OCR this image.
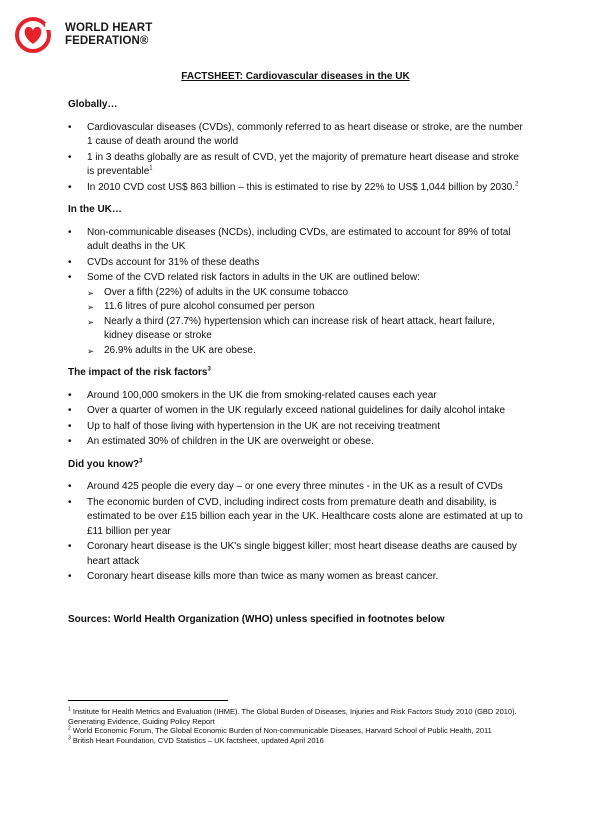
WORLD HEART
FEDERATION®
FACTSHEET: Cardiovascular diseases in the UK
Globally…
• Cardiovascular diseases (CVDs), commonly referred to as heart disease or stroke, are the number 1 cause of death around the world
• 1 in 3 deaths globally are as result of CVD, yet the majority of premature heart disease and stroke is preventable$^1$
• In 2010 CVD cost US$ 863 billion – this is estimated to rise by 22% to US$ 1,044 billion by 2030.$^2$
In the UK…
• Non-communicable diseases (NCDs), including CVDs, are estimated to account for 89% of total adult deaths in the UK
• CVDs account for 31% of these deaths
• Some of the CVD related risk factors in adults in the UK are outlined below:
➢ Over a fifth (22%) of adults in the UK consume tobacco
➢ 11.6 litres of pure alcohol consumed per person
➢ Nearly a third (27.7%) hypertension which can increase risk of heart attack, heart failure, kidney disease or stroke
➢ 26.9% adults in the UK are obese.
The impact of the risk factors$^3$
• Around 100,000 smokers in the UK die from smoking-related causes each year
• Over a quarter of women in the UK regularly exceed national guidelines for daily alcohol intake
• Up to half of those living with hypertension in the UK are not receiving treatment
• An estimated 30% of children in the UK are overweight or obese.
Did you know?$^3$
• Around 425 people die every day – or one every three minutes - in the UK as a result of CVDs
• The economic burden of CVD, including indirect costs from premature death and disability, is estimated to be over £15 billion each year in the UK. Healthcare costs alone are estimated at up to £11 billion per year
• Coronary heart disease is the UK's single biggest killer; most heart disease deaths are caused by heart attack
• Coronary heart disease kills more than twice as many women as breast cancer.
Sources: World Health Organization (WHO) unless specified in footnotes below

$^1$ Institute for Health Metrics and Evaluation (IHME). The Global Burden of Diseases, Injuries and Risk Factors Study 2010 (GBD 2010). Generating Evidence, Guiding Policy Report

$^2$ World Economic Forum, The Global Economic Burden of Non-communicable Diseases, Harvard School of Public Health, 2011

$^3$ British Heart Foundation, CVD Statistics – UK factsheet, updated April 2016
